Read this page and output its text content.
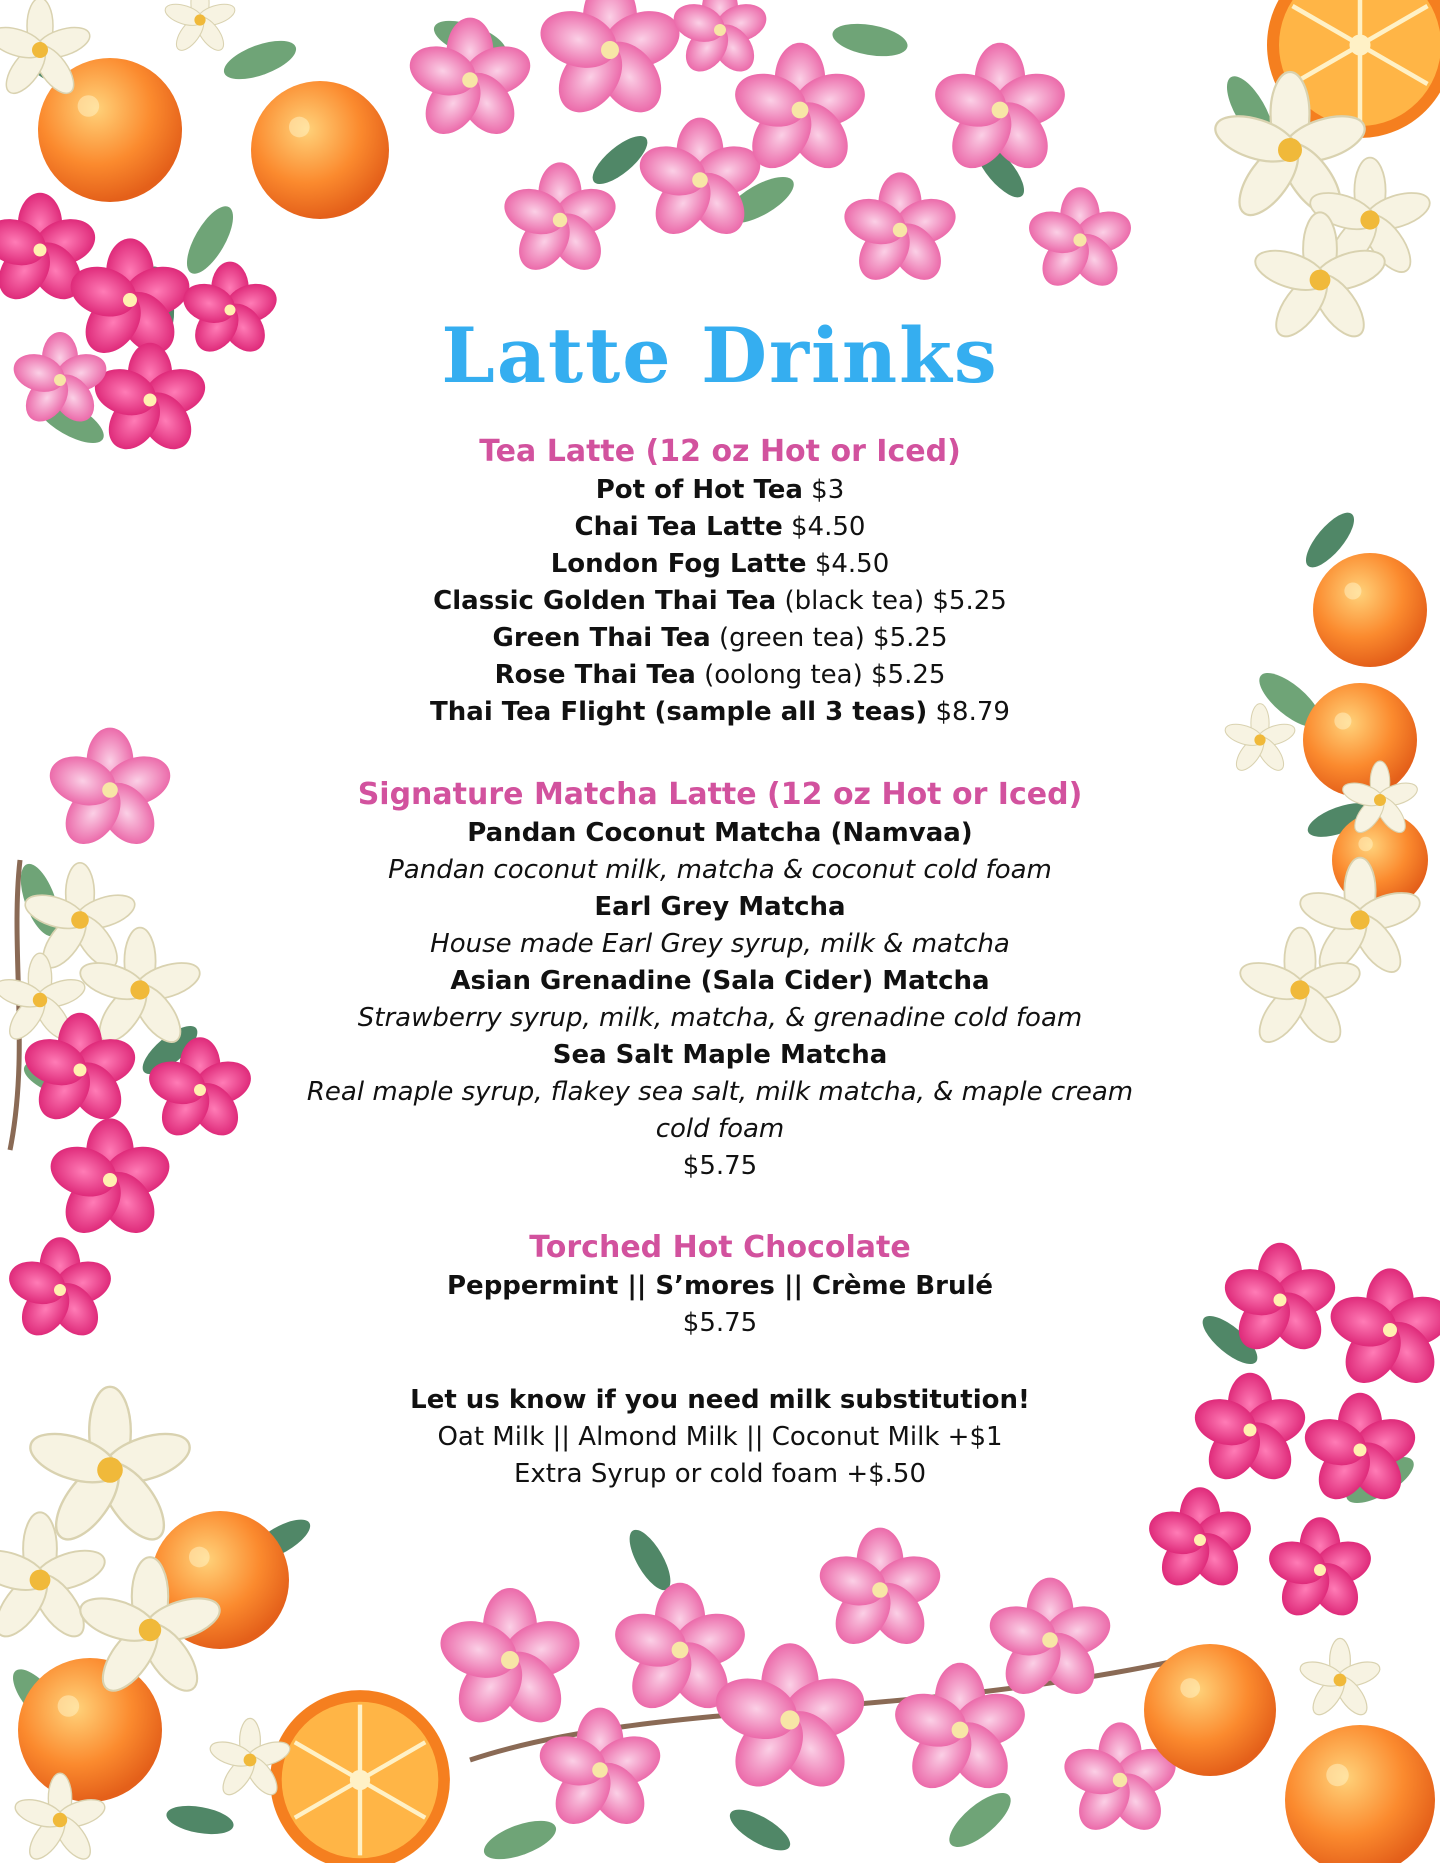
Latte Drinks
Tea Latte (12 oz Hot or Iced)
Pot of Hot Tea $3
Chai Tea Latte $4.50
London Fog Latte $4.50
Classic Golden Thai Tea (black tea) $5.25
Green Thai Tea (green tea) $5.25
Rose Thai Tea (oolong tea) $5.25
Thai Tea Flight (sample all 3 teas) $8.79
Signature Matcha Latte (12 oz Hot or Iced)
Pandan Coconut Matcha (Namvaa)
Pandan coconut milk, matcha & coconut cold foam
Earl Grey Matcha
House made Earl Grey syrup, milk & matcha
Asian Grenadine (Sala Cider) Matcha
Strawberry syrup, milk, matcha, & grenadine cold foam
Sea Salt Maple Matcha
Real maple syrup, flakey sea salt, milk matcha, & maple cream
cold foam
$5.75
Torched Hot Chocolate
Peppermint || S’mores || Crème Brulé
$5.75
Let us know if you need milk substitution!
Oat Milk || Almond Milk || Coconut Milk +$1
Extra Syrup or cold foam +$.50
